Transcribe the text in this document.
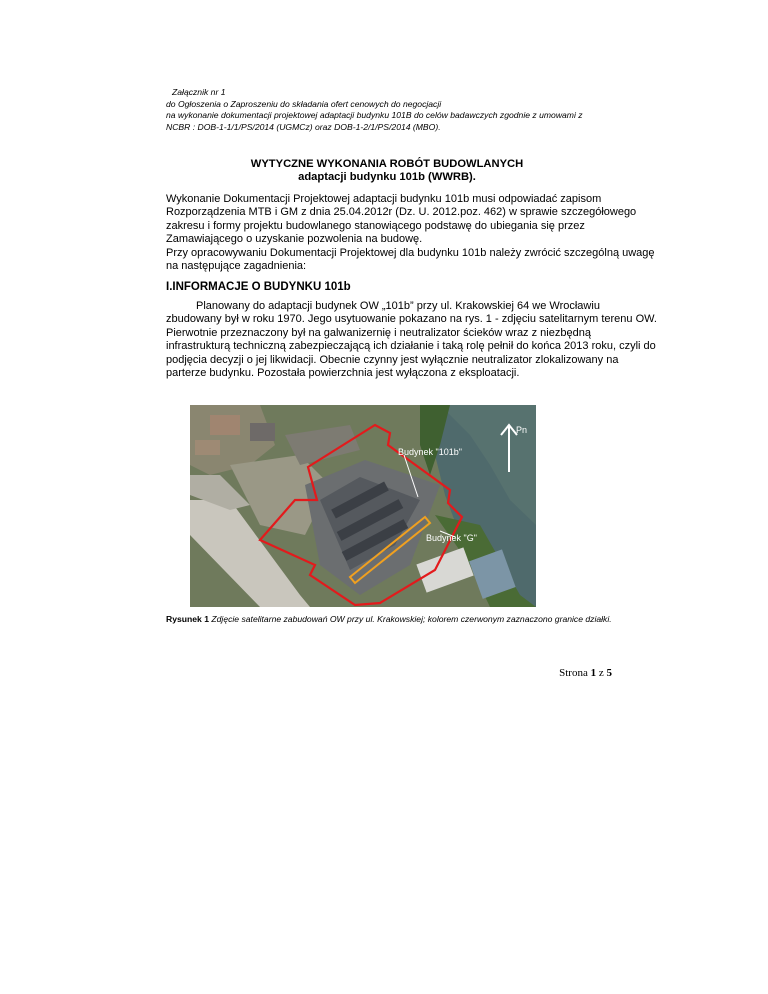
Załącznik nr 1
do Ogłoszenia o Zaproszeniu do składania ofert cenowych do negocjacji
na wykonanie dokumentacji projektowej adaptacji budynku 101B do celów badawczych zgodnie z umowami z
NCBR : DOB-1-1/1/PS/2014 (UGMCz) oraz DOB-1-2/1/PS/2014 (MBO).
WYTYCZNE WYKONANIA ROBÓT BUDOWLANYCH
adaptacji budynku 101b (WWRB).
Wykonanie Dokumentacji Projektowej adaptacji budynku 101b musi odpowiadać zapisom
Rozporządzenia MTB i GM z dnia 25.04.2012r (Dz. U. 2012.poz. 462) w sprawie szczegółowego
zakresu i formy projektu budowlanego stanowiącego podstawę do ubiegania się przez
Zamawiającego o uzyskanie pozwolenia na budowę.
Przy opracowywaniu Dokumentacji Projektowej dla budynku 101b należy zwrócić szczególną uwagę
na następujące zagadnienia:
I.INFORMACJE O BUDYNKU 101b
Planowany do adaptacji budynek OW „101b” przy ul. Krakowskiej 64 we Wrocławiu
zbudowany był w roku 1970. Jego usytuowanie pokazano na rys. 1 - zdjęciu satelitarnym terenu OW.
Pierwotnie przeznaczony był na galwanizernię i neutralizator ścieków wraz z niezbędną
infrastrukturą techniczną zabezpieczającą ich działanie i taką rolę pełnił do końca 2013 roku, czyli do
podjęcia decyzji o jej likwidacji. Obecnie czynny jest wyłącznie neutralizator zlokalizowany na
parterze budynku. Pozostała powierzchnia jest wyłączona z eksploatacji.
Pn
Budynek "101b"
Budynek "G"
Rysunek 1 Zdjęcie satelitarne zabudowań OW przy ul. Krakowskiej; kolorem czerwonym zaznaczono granice działki.
Strona 1 z 5
